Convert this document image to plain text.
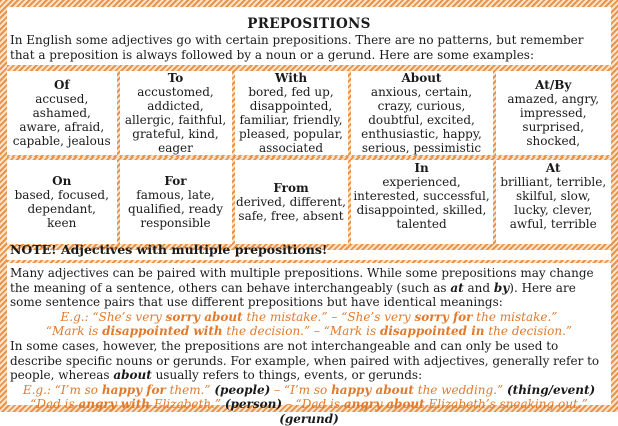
PREPOSITIONS
In English some adjectives go with certain prepositions. There are no patterns, but remember that a preposition is always followed by a noun or a gerund. Here are some examples:
Of
accused,
ashamed,
aware, afraid,
capable, jealous
To
accustomed,
addicted,
allergic, faithful,
grateful, kind,
eager
With
bored, fed up,
disappointed,
familiar, friendly,
pleased, popular,
associated
About
anxious, certain,
crazy, curious,
doubtful, excited,
enthusiastic, happy,
serious, pessimistic
At/By
amazed, angry,
impressed,
surprised, shocked,
On
based, focused,
dependant,
keen
For
famous, late,
qualified, ready
responsible
From
derived, different,
safe, free, absent
In
experienced,
interested, successful,
disappointed, skilled,
talented
At
brilliant, terrible,
skilful, slow,
lucky, clever,
awful, terrible
NOTE! Adjectives with multiple prepositions!
Many adjectives can be paired with multiple prepositions. While some prepositions may change the meaning of a sentence, others can behave interchangeably (such as at and by). Here are some sentence pairs that use different prepositions but have identical meanings:
E.g.: “She’s very sorry about the mistake.” – “She’s very sorry for the mistake.”
“Mark is disappointed with the decision.” – “Mark is disappointed in the decision.”
In some cases, however, the prepositions are not interchangeable and can only be used to describe specific nouns or gerunds. For example, when paired with adjectives, generally refer to people, whereas about usually refers to things, events, or gerunds:
E.g.: “I’m so happy for them.” (people) – “I’m so happy about the wedding.” (thing/event)
“Dad is angry with Elizabeth.” (person) – “Dad is angry about Elizabeth’s sneaking out.” (gerund)
